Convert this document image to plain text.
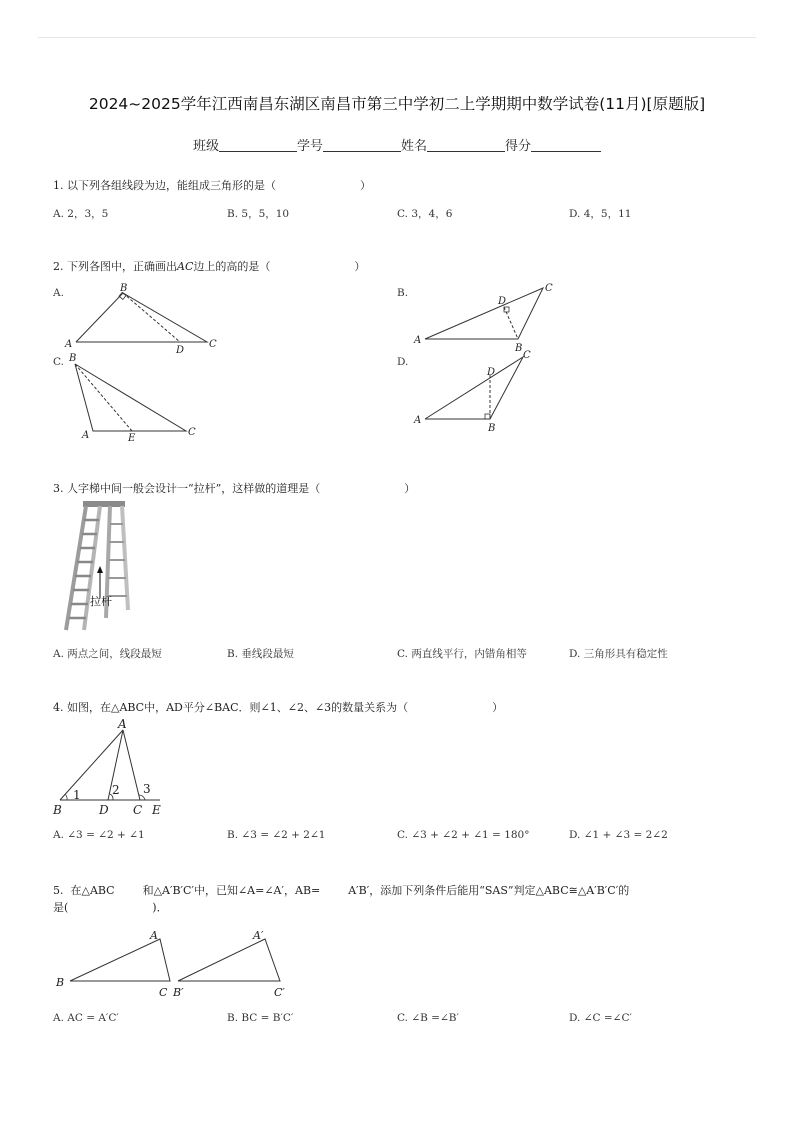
2024~2025学年江西南昌东湖区南昌市第三中学初二上学期期中数学试卷(11月)[原题版]
班级	学号	姓名	得分
1. 以下列各组线段为边，能组成三角形的是（	）
A. 2，3，5	B. 5，5，10	C. 3，4，6	D. 4，5，11
2. 下列各图中，正确画出AC边上的高的是（	）
A.	B.
C.	D.
A
B
D
C	A
D
B
C
B
A	E
C
A
D
B
C
3. 人字梯中间一般会设计一“拉杆”，这样做的道理是（	）
拉杆
A. 两点之间，线段最短	B. 垂线段最短	C. 两直线平行，内错角相等	D. 三角形具有稳定性
4. 如图，在△ABC中，AD平分∠BAC．则∠1、∠2、∠3的数量关系为（	）
A
B	D C E
1	2 3
A. ∠3 = ∠2 + ∠1	B. ∠3 = ∠2 + 2∠1	C. ∠3 + ∠2 + ∠1 = 180°	D. ∠1 + ∠3 = 2∠2
5.  在△ABC        和△A′B′C′中，已知∠A=∠A′，AB=        A′B′，添加下列条件后能用“SAS”判定△ABC≅△A′B′C′的
是(	)．
B
A
C B′
A′
C′
A. AC = A′C′	B. BC = B′C′	C. ∠B =∠B′	D. ∠C =∠C′
